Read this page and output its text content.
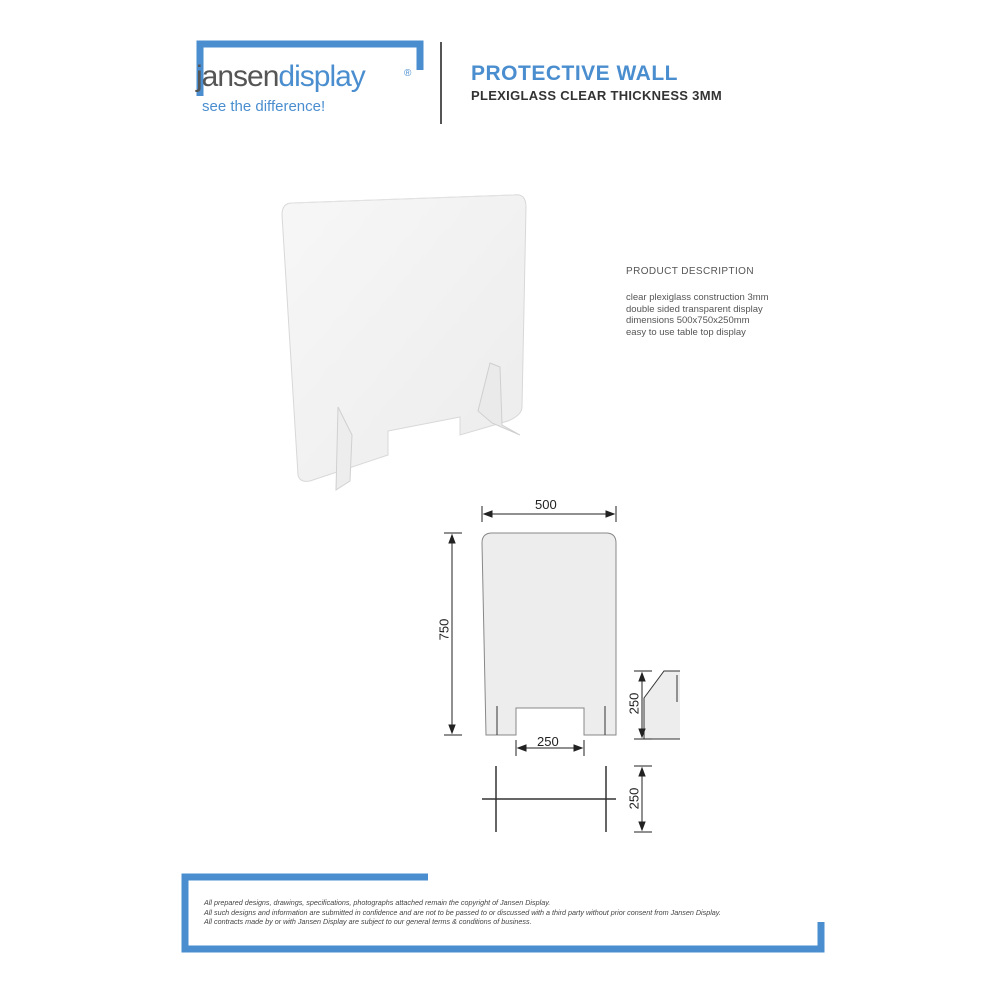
jansendisplay	®
see the difference!
PROTECTIVE WALL
PLEXIGLASS CLEAR THICKNESS 3MM
PRODUCT DESCRIPTION
clear plexiglass construction 3mm
double sided transparent display
dimensions 500x750x250mm
easy to use table top display
500
750
250
250
250
All prepared designs, drawings, specifications, photographs attached remain the copyright of Jansen Display.
All such designs and information are submitted in confidence and are not to be passed to or discussed with a third party without prior consent from Jansen Display.
All contracts made by or with Jansen Display are subject to our general terms & conditions of business.
